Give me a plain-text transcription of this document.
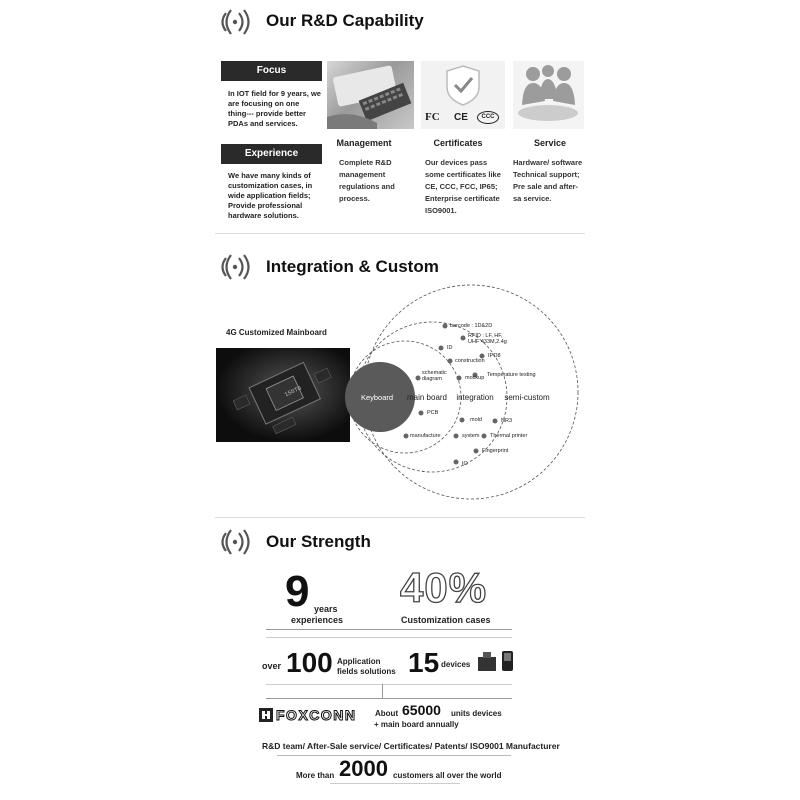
Our R&D Capability
Focus
In IOT field for 9 years, we are focusing on one thing--- provide better PDAs and services.
Experience
We have many kinds of customization cases, in wide application fields; Provide professional hardware solutions.
FC CE	CCC
Management
Complete R&D management regulations and process.
Certificates
Our devices pass some certificates like CE, CCC, FCC, IP65; Enterprise certificate ISO9001.
Service
Hardware/ software Technical support; Pre sale and after-sa service.
Integration & Custom
4G Customized Mainboard
1S0TG	Keyboard main board integration semi-custom
barcode : 1D&2D
RFID : LF, HF, UHF 433M,2.4g
ID
IPO8
construction
schematic diagram	mockup Temperature testing
PCB
mold	NR3
manufacture	system Thermal printer
Fingerprint
IO
Our Strength
9 years
experiences
40%
Customization cases
over 100 Application fields solutions 15 devices
FOXCONN About 65000 units devices
+ main board annually
R&D team/ After-Sale service/ Certificates/ Patents/ ISO9001 Manufacturer
More than 2000 customers all over the world
